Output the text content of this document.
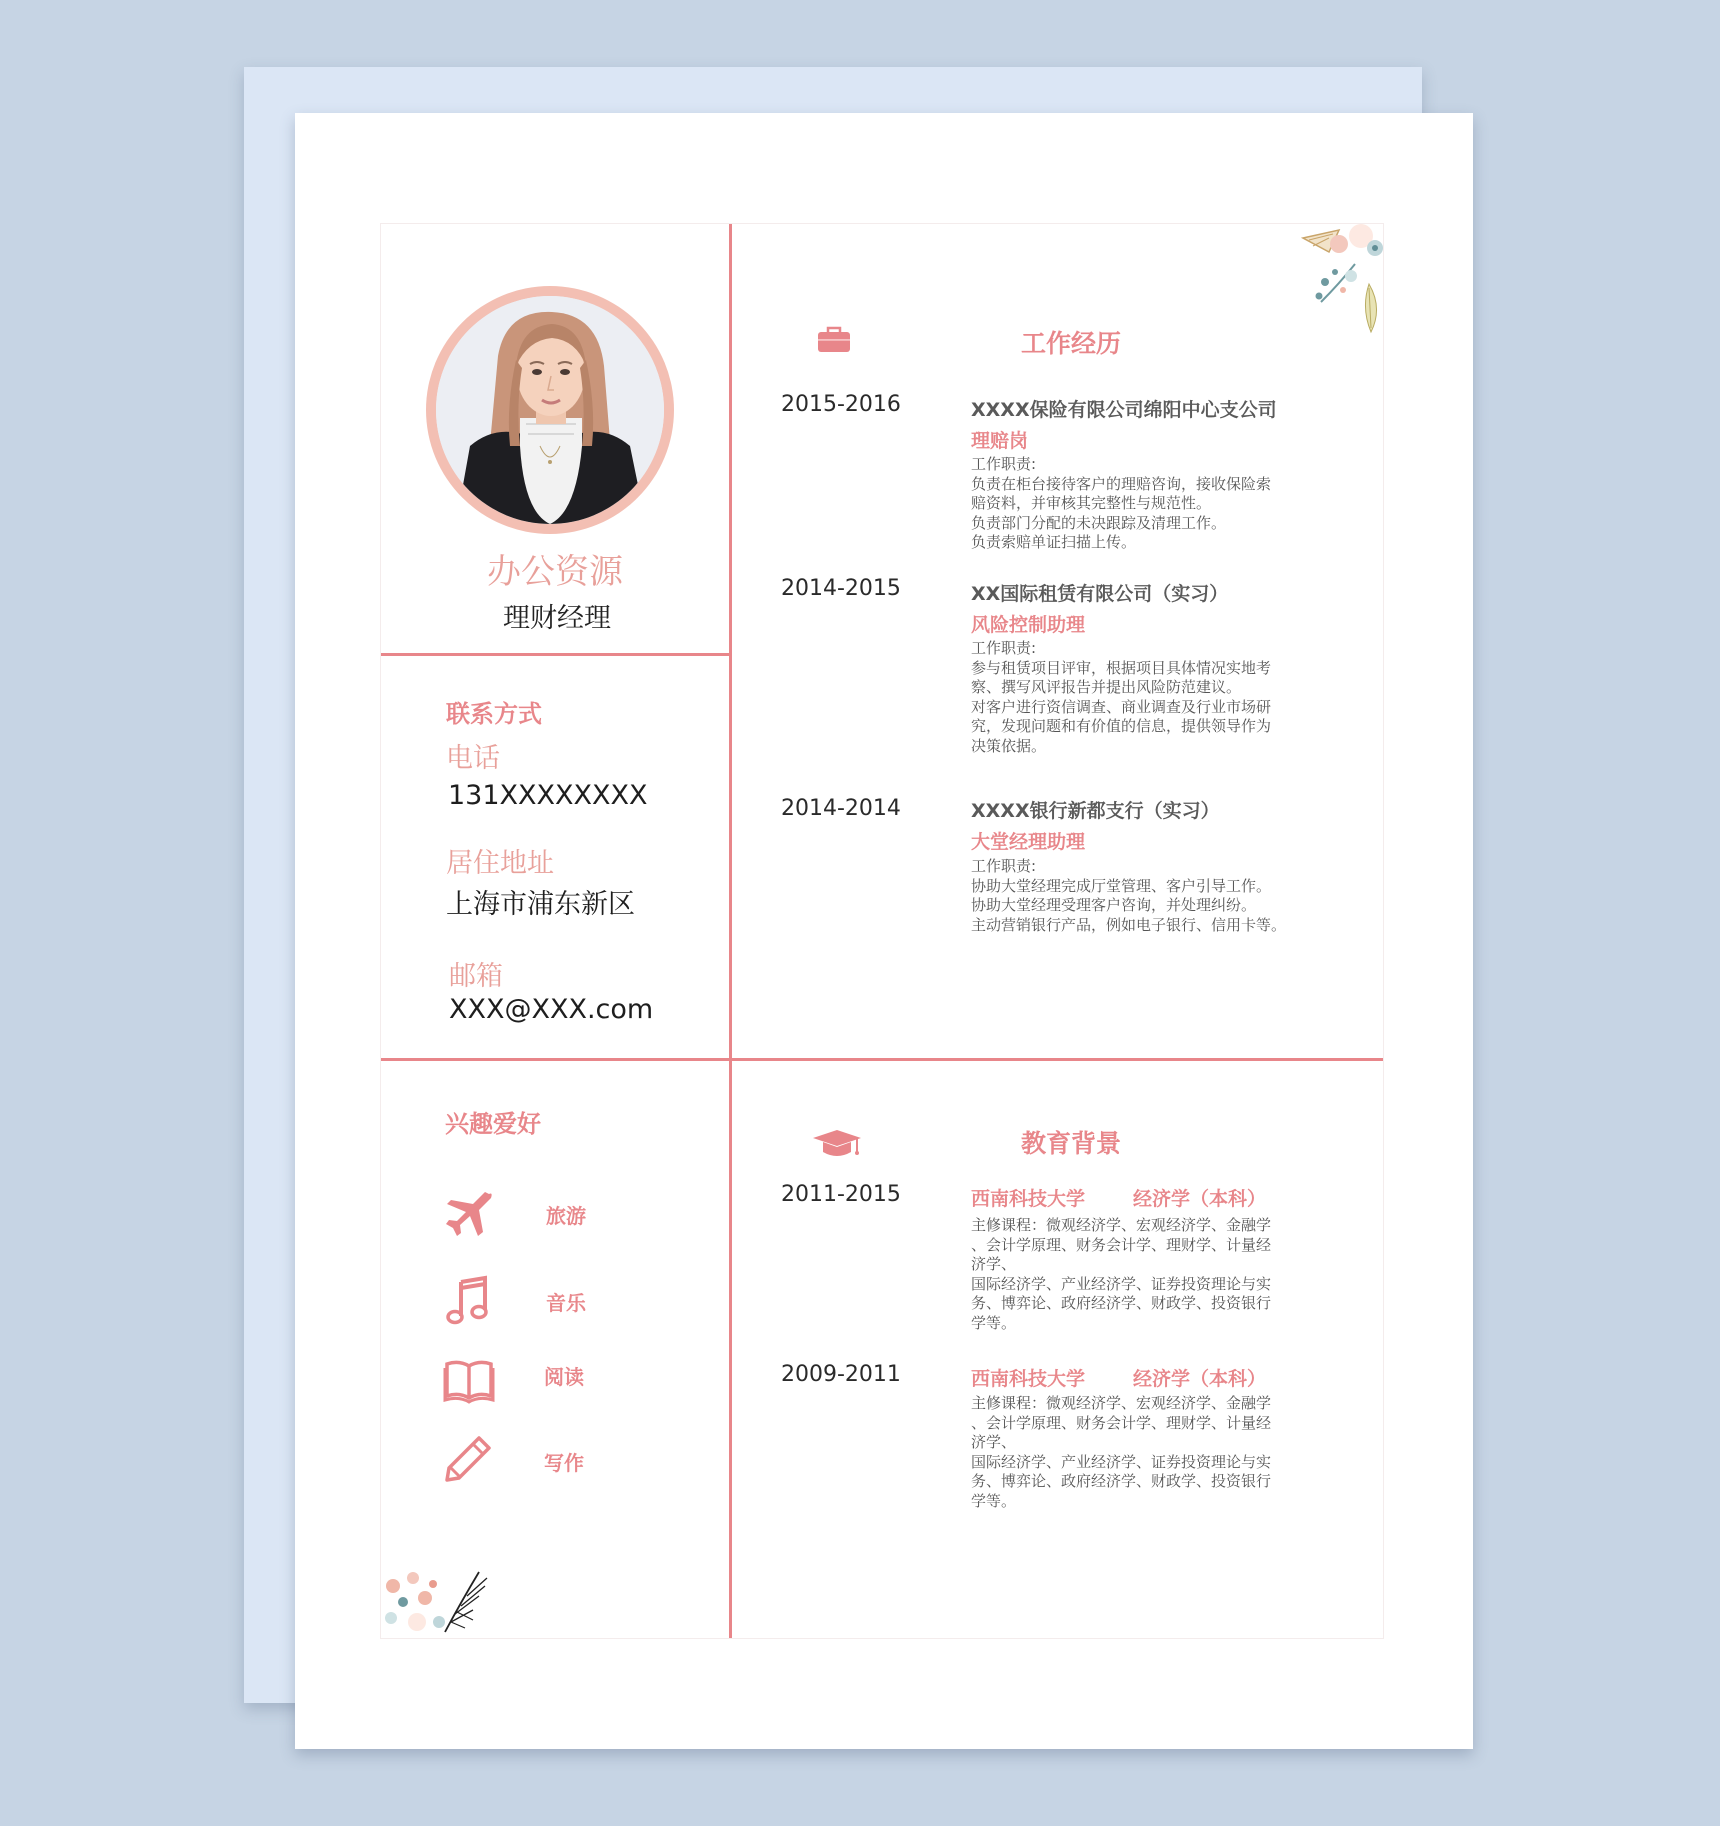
办公资源
理财经理
联系方式
电话
131XXXXXXXX
居住地址
上海市浦东新区
邮箱
XXX@XXX.com
兴趣爱好
旅游
音乐
阅读
写作
工作经历
2015-2016	XXXX保险有限公司绵阳中心支公司
理赔岗
工作职责:
负责在柜台接待客户的理赔咨询，接收保险索
赔资料，并审核其完整性与规范性。
负责部门分配的未决跟踪及清理工作。
负责索赔单证扫描上传。
2014-2015	XX国际租赁有限公司（实习）
风险控制助理
工作职责:
参与租赁项目评审，根据项目具体情况实地考
察、撰写风评报告并提出风险防范建议。
对客户进行资信调查、商业调查及行业市场研
究，发现问题和有价值的信息，提供领导作为
决策依据。
2014-2014	XXXX银行新都支行（实习）
大堂经理助理
工作职责:
协助大堂经理完成厅堂管理、客户引导工作。
协助大堂经理受理客户咨询，并处理纠纷。
主动营销银行产品，例如电子银行、信用卡等。
教育背景
2011-2015	西南科技大学	经济学（本科）
主修课程：微观经济学、宏观经济学、金融学
、会计学原理、财务会计学、理财学、计量经
济学、
国际经济学、产业经济学、证券投资理论与实
务、博弈论、政府经济学、财政学、投资银行
学等。
2009-2011	西南科技大学	经济学（本科）
主修课程：微观经济学、宏观经济学、金融学
、会计学原理、财务会计学、理财学、计量经
济学、
国际经济学、产业经济学、证券投资理论与实
务、博弈论、政府经济学、财政学、投资银行
学等。
